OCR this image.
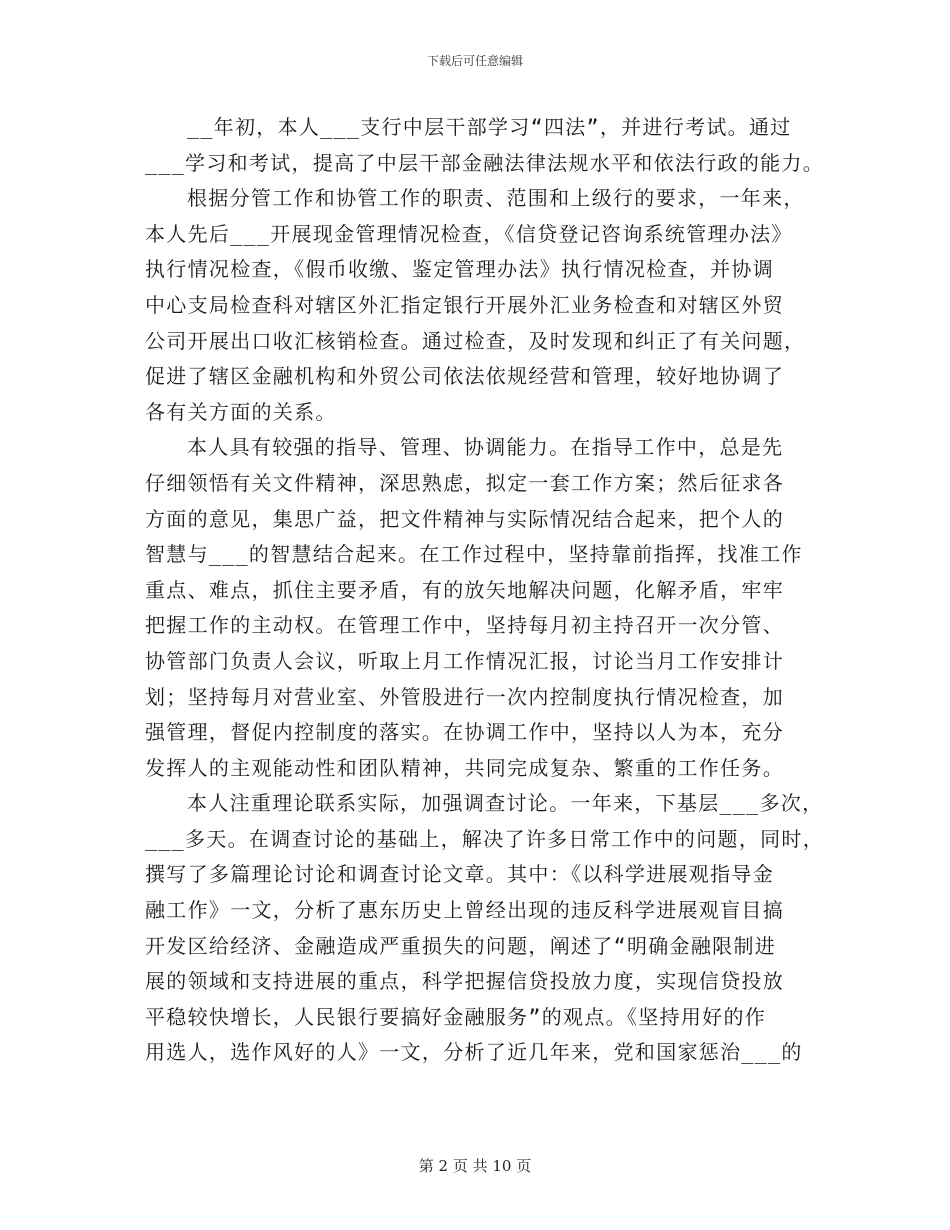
下载后可任意编辑
__年初，本人___支行中层干部学习“四法”，并进行考试。通过
___学习和考试，提高了中层干部金融法律法规水平和依法行政的能力。
根据分管工作和协管工作的职责、范围和上级行的要求，一年来，
本人先后___开展现金管理情况检查，《信贷登记咨询系统管理办法》
执行情况检查，《假币收缴、鉴定管理办法》执行情况检查，并协调
中心支局检查科对辖区外汇指定银行开展外汇业务检查和对辖区外贸
公司开展出口收汇核销检查。通过检查，及时发现和纠正了有关问题，
促进了辖区金融机构和外贸公司依法依规经营和管理，较好地协调了
各有关方面的关系。
本人具有较强的指导、管理、协调能力。在指导工作中，总是先
仔细领悟有关文件精神，深思熟虑，拟定一套工作方案；然后征求各
方面的意见，集思广益，把文件精神与实际情况结合起来，把个人的
智慧与___的智慧结合起来。在工作过程中，坚持靠前指挥，找准工作
重点、难点，抓住主要矛盾，有的放矢地解决问题，化解矛盾，牢牢
把握工作的主动权。在管理工作中，坚持每月初主持召开一次分管、
协管部门负责人会议，听取上月工作情况汇报，讨论当月工作安排计
划；坚持每月对营业室、外管股进行一次内控制度执行情况检查，加
强管理，督促内控制度的落实。在协调工作中，坚持以人为本，充分
发挥人的主观能动性和团队精神，共同完成复杂、繁重的工作任务。
本人注重理论联系实际，加强调查讨论。一年来，下基层___多次，
___多天。在调查讨论的基础上，解决了许多日常工作中的问题，同时，
撰写了多篇理论讨论和调查讨论文章。其中：《以科学进展观指导金
融工作》一文，分析了惠东历史上曾经出现的违反科学进展观盲目搞
开发区给经济、金融造成严重损失的问题，阐述了“明确金融限制进
展的领域和支持进展的重点，科学把握信贷投放力度，实现信贷投放
平稳较快增长，人民银行要搞好金融服务”的观点。《坚持用好的作
用选人，选作风好的人》一文，分析了近几年来，党和国家惩治___的
第 2 页 共 10 页
